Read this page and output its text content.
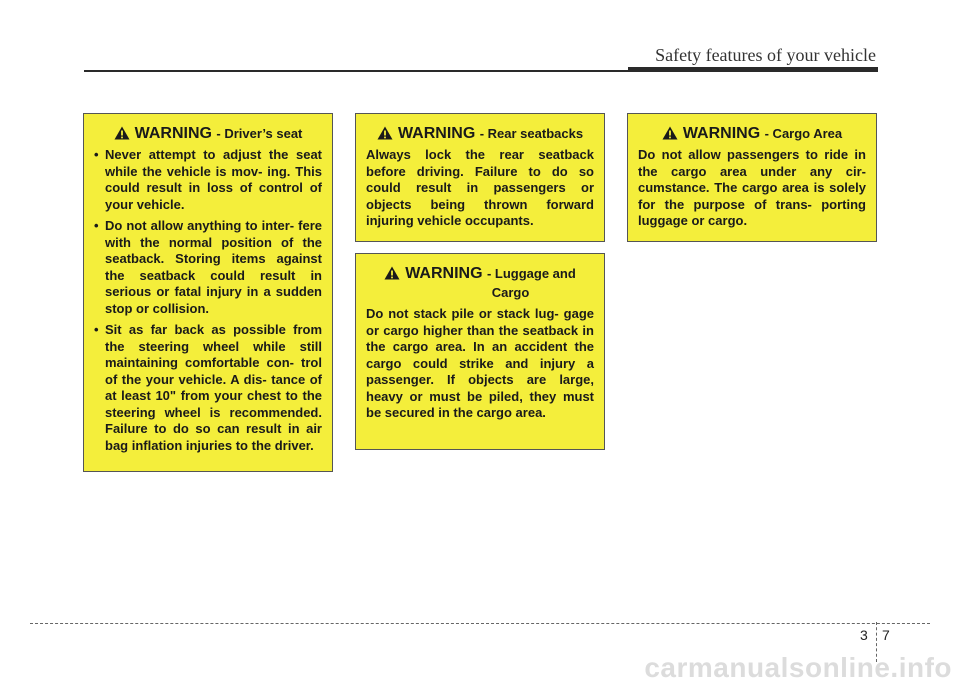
Safety features of your vehicle
WARNING - Driver’s seat
• Never attempt to adjust the seat while the vehicle is mov- ing. This could result in loss of control of your vehicle.
• Do not allow anything to inter- fere with the normal position of the seatback. Storing items against the seatback could result in serious or fatal injury in a sudden stop or collision.
• Sit as far back as possible from the steering wheel while still maintaining comfortable con- trol of the your vehicle. A dis- tance of at least 10" from your chest to the steering wheel is recommended. Failure to do so can result in air bag inflation injuries to the driver.
WARNING - Rear seatbacks

Always lock the rear seatback before driving. Failure to do so could result in passengers or objects being thrown forward injuring vehicle occupants.

WARNING - Luggage and
Cargo

Do not stack pile or stack lug- gage or cargo higher than the seatback in the cargo area. In an accident the cargo could strike and injury a passenger. If objects are large, heavy or must be piled, they must be secured in the cargo area.

WARNING - Cargo Area

Do not allow passengers to ride in the cargo area under any cir- cumstance. The cargo area is solely for the purpose of trans- porting luggage or cargo.

3 7
carmanualsonline.info
